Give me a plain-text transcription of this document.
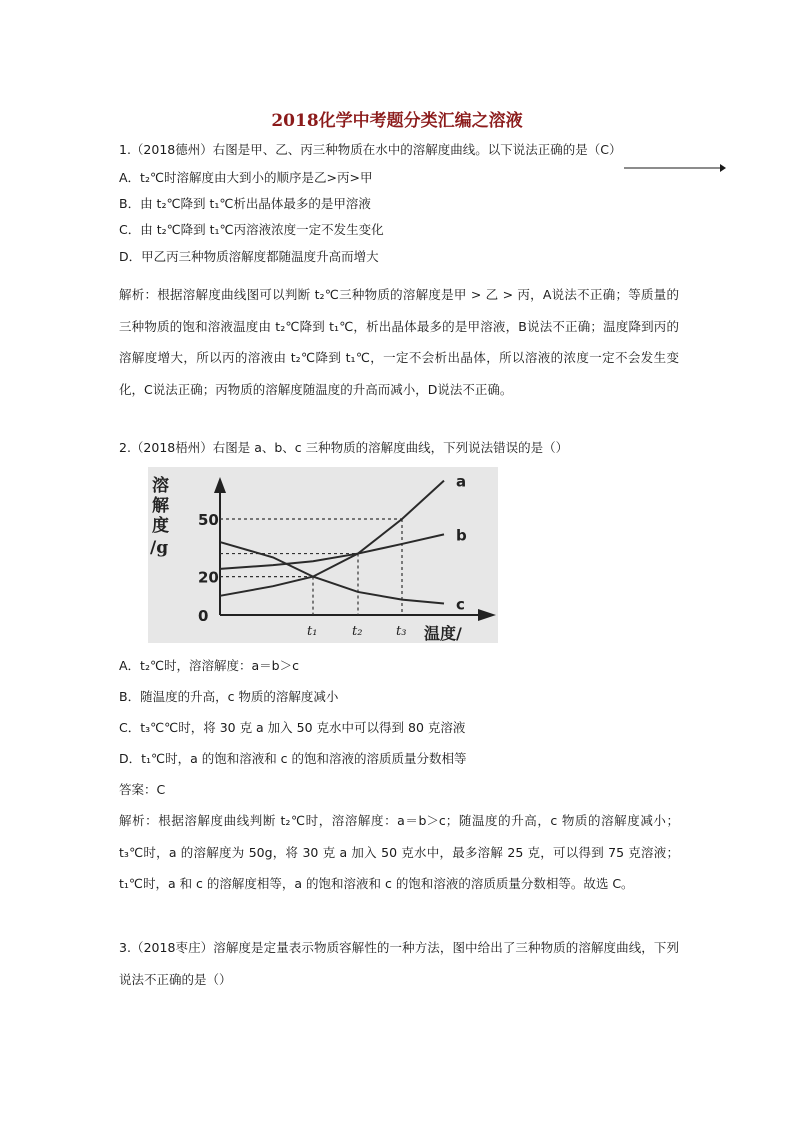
2018化学中考题分类汇编之溶液
1.（2018德州）右图是甲、乙、丙三种物质在水中的溶解度曲线。以下说法正确的是（C）
A．t₂℃时溶解度由大到小的顺序是乙>丙>甲
B．由 t₂℃降到 t₁℃析出晶体最多的是甲溶液
C．由 t₂℃降到 t₁℃丙溶液浓度一定不发生变化
D．甲乙丙三种物质溶解度都随温度升高而增大
解析：根据溶解度曲线图可以判断 t₂℃三种物质的溶解度是甲 > 乙 > 丙，A说法不正确；等质量的三种物质的饱和溶液温度由 t₂℃降到 t₁℃，析出晶体最多的是甲溶液，B说法不正确；温度降到丙的溶解度增大，所以丙的溶液由 t₂℃降到 t₁℃，一定不会析出晶体，所以溶液的浓度一定不会发生变化，C说法正确；丙物质的溶解度随温度的升高而减小，D说法不正确。
2.（2018梧州）右图是 a、b、c 三种物质的溶解度曲线，下列说法错误的是（）
溶
解
度
/g
温度/
0
20
50
t₁	t₂	t₃
a
b
c
A．t₂℃时，溶溶解度：a＝b＞c
B．随温度的升高，c 物质的溶解度减小
C．t₃℃℃时，将 30 克 a 加入 50 克水中可以得到 80 克溶液
D．t₁℃时，a 的饱和溶液和 c 的饱和溶液的溶质质量分数相等
答案：C
解析：根据溶解度曲线判断 t₂℃时，溶溶解度：a＝b＞c；随温度的升高，c 物质的溶解度减小；t₃℃时，a 的溶解度为 50g，将 30 克 a 加入 50 克水中，最多溶解 25 克，可以得到 75 克溶液；t₁℃时，a 和 c 的溶解度相等，a 的饱和溶液和 c 的饱和溶液的溶质质量分数相等。故选 C。
3.（2018枣庄）溶解度是定量表示物质容解性的一种方法，图中给出了三种物质的溶解度曲线，下列说法不正确的是（）
